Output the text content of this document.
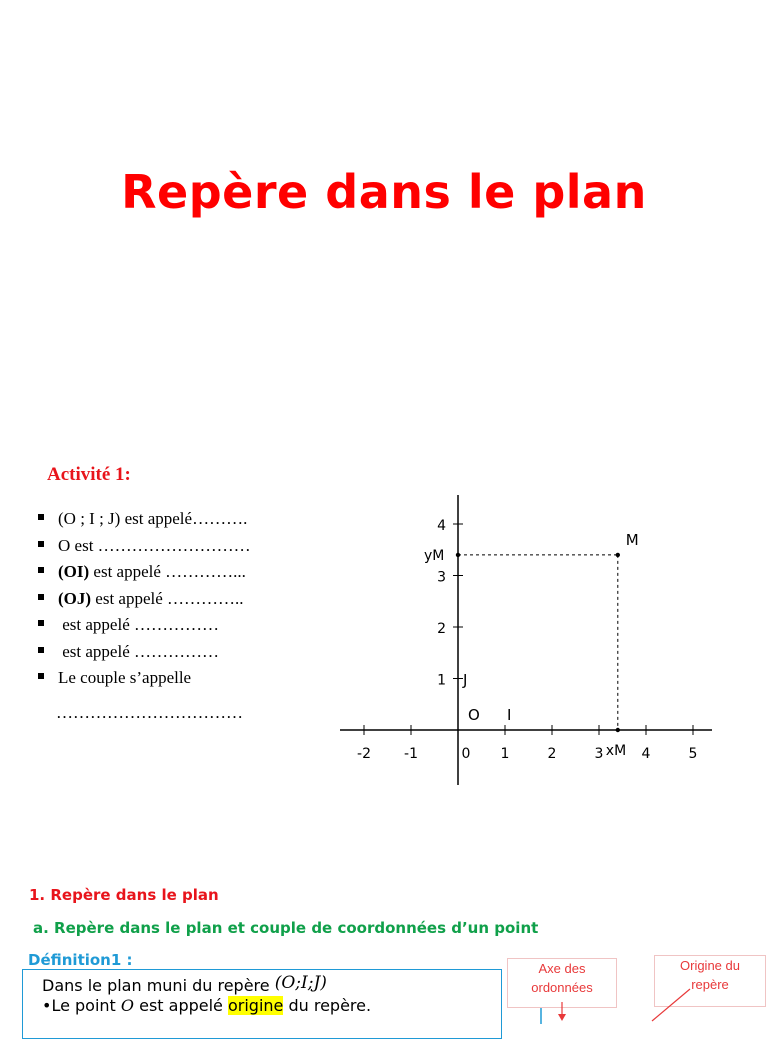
Repère dans le plan
Activité 1:
(O ; I ; J) est appelé……….
O est ………………………
(OI) est appelé …………...
(OJ) est appelé …………..
est appelé ……………
est appelé ……………
Le couple s’appelle
……………………………
-2 -1	0 1	2	3	4	5
1
2
3
4
O I
J
M
yM
xM
1. Repère dans le plan
a. Repère dans le plan et couple de coordonnées d’un point
Définition1 :
Dans le plan muni du repère (O;I;J)
•Le point O est appelé origine du repère.
Axe des
ordonnées
Origine du
repère
